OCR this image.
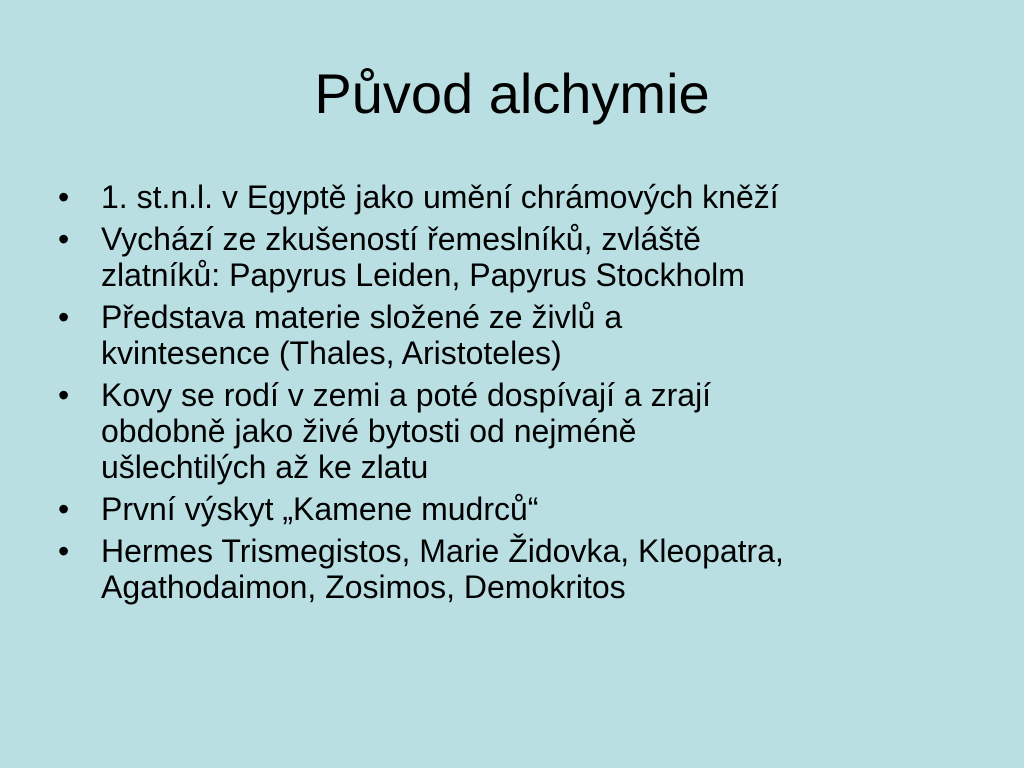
Původ alchymie
• 1. st.n.l. v Egyptě jako umění chrámových kněží
• Vychází ze zkušeností řemeslníků, zvláště
zlatníků: Papyrus Leiden, Papyrus Stockholm
• Představa materie složené ze živlů a
kvintesence (Thales, Aristoteles)
• Kovy se rodí v zemi a poté dospívají a zrají
obdobně jako živé bytosti od nejméně
ušlechtilých až ke zlatu
• První výskyt „Kamene mudrců“
• Hermes Trismegistos, Marie Židovka, Kleopatra,
Agathodaimon, Zosimos, Demokritos
